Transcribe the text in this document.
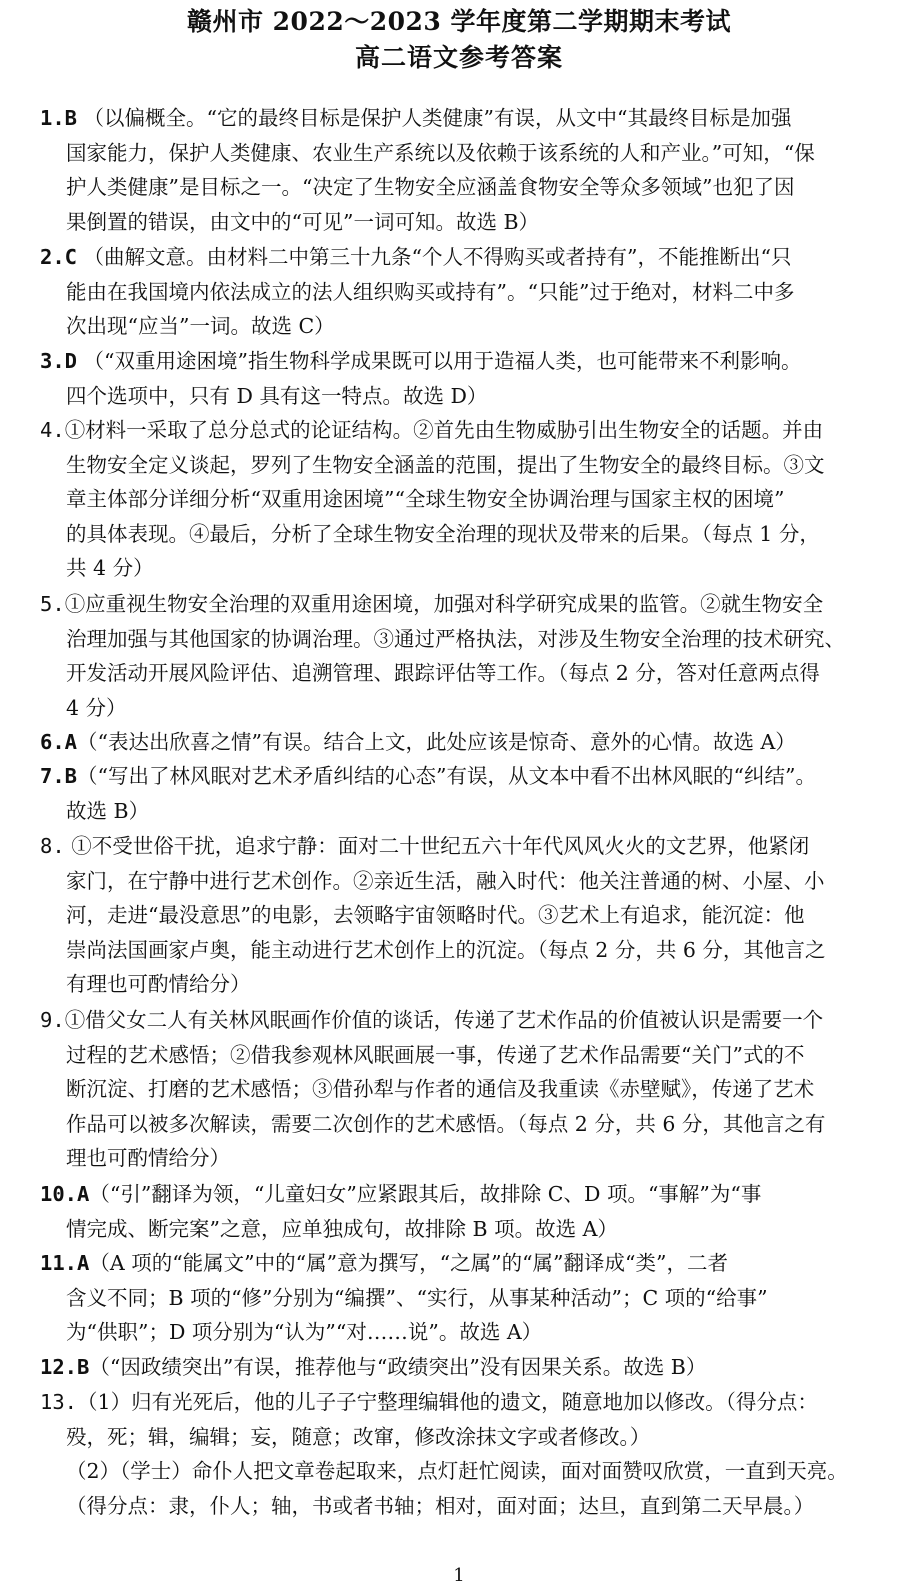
赣州市 2022～2023 学年度第二学期期末考试
高二语文参考答案
1.B （以偏概全。“它的最终目标是保护人类健康”有误，从文中“其最终目标是加强
国家能力，保护人类健康、农业生产系统以及依赖于该系统的人和产业。”可知，“保
护人类健康”是目标之一。“决定了生物安全应涵盖食物安全等众多领域”也犯了因
果倒置的错误，由文中的“可见”一词可知。故选 B）
2.C （曲解文意。由材料二中第三十九条“个人不得购买或者持有”，不能推断出“只
能由在我国境内依法成立的法人组织购买或持有”。“只能”过于绝对，材料二中多
次出现“应当”一词。故选 C）
3.D （“双重用途困境”指生物科学成果既可以用于造福人类，也可能带来不利影响。
四个选项中，只有 D 具有这一特点。故选 D）
4.①材料一采取了总分总式的论证结构。②首先由生物威胁引出生物安全的话题。并由
生物安全定义谈起，罗列了生物安全涵盖的范围，提出了生物安全的最终目标。③文
章主体部分详细分析“双重用途困境”“全球生物安全协调治理与国家主权的困境”
的具体表现。④最后，分析了全球生物安全治理的现状及带来的后果。（每点 1 分，
共 4 分）
5.①应重视生物安全治理的双重用途困境，加强对科学研究成果的监管。②就生物安全
治理加强与其他国家的协调治理。③通过严格执法，对涉及生物安全治理的技术研究、
开发活动开展风险评估、追溯管理、跟踪评估等工作。（每点 2 分，答对任意两点得
4 分）
6.A（“表达出欣喜之情”有误。结合上文，此处应该是惊奇、意外的心情。故选 A）
7.B（“写出了林风眠对艺术矛盾纠结的心态”有误，从文本中看不出林风眠的“纠结”。
故选 B）
8. ①不受世俗干扰，追求宁静：面对二十世纪五六十年代风风火火的文艺界，他紧闭
家门，在宁静中进行艺术创作。②亲近生活，融入时代：他关注普通的树、小屋、小
河，走进“最没意思”的电影，去领略宇宙领略时代。③艺术上有追求，能沉淀：他
崇尚法国画家卢奥，能主动进行艺术创作上的沉淀。（每点 2 分，共 6 分，其他言之
有理也可酌情给分）
9.①借父女二人有关林风眠画作价值的谈话，传递了艺术作品的价值被认识是需要一个
过程的艺术感悟；②借我参观林风眠画展一事，传递了艺术作品需要“关门”式的不
断沉淀、打磨的艺术感悟；③借孙犁与作者的通信及我重读《赤壁赋》，传递了艺术
作品可以被多次解读，需要二次创作的艺术感悟。（每点 2 分，共 6 分，其他言之有
理也可酌情给分）
10.A（“引”翻译为领，“儿童妇女”应紧跟其后，故排除 C、D 项。“事解”为“事
情完成、断完案”之意，应单独成句，故排除 B 项。故选 A）
11.A（A 项的“能属文”中的“属”意为撰写，“之属”的“属”翻译成“类”，二者
含义不同；B 项的“修”分别为“编撰”、“实行，从事某种活动”；C 项的“给事”
为“供职”；D 项分别为“认为”“对……说”。故选 A）
12.B（“因政绩突出”有误，推荐他与“政绩突出”没有因果关系。故选 B）
13.（1）归有光死后，他的儿子子宁整理编辑他的遗文，随意地加以修改。（得分点：
殁，死；辑，编辑；妄，随意；改窜，修改涂抹文字或者修改。）
（2）（学士）命仆人把文章卷起取来，点灯赶忙阅读，面对面赞叹欣赏，一直到天亮。
（得分点：隶，仆人；轴，书或者书轴；相对，面对面；达旦，直到第二天早晨。）
1
